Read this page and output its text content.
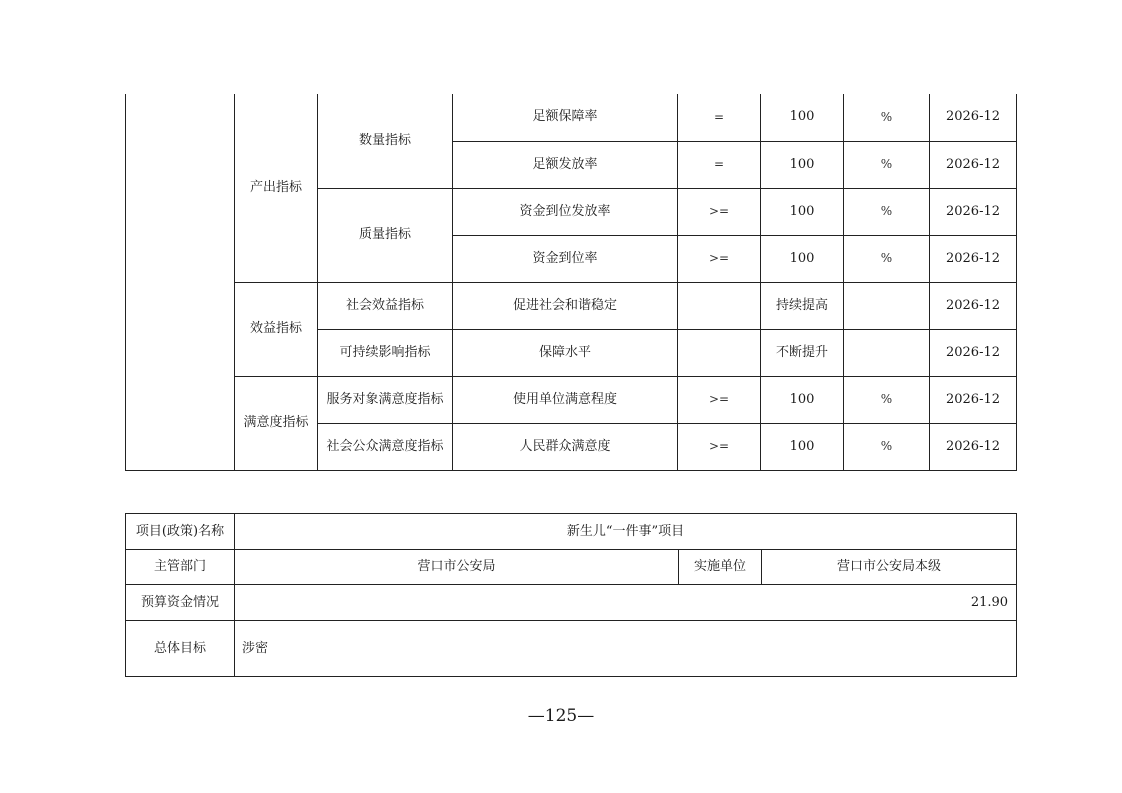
	产出指标	数量指标	足额保障率	=	100	%	2026-12
			足额发放率	=	100	%	2026-12
		质量指标	资金到位发放率	>=	100	%	2026-12
			资金到位率	>=	100	%	2026-12
	效益指标	社会效益指标	促进社会和谐稳定		持续提高		2026-12
		可持续影响指标	保障水平		不断提升		2026-12
	满意度指标	服务对象满意度指标	使用单位满意程度	>=	100	%	2026-12
		社会公众满意度指标	人民群众满意度	>=	100	%	2026-12
项目(政策)名称	新生儿“一件事”项目		
主管部门	营口市公安局	实施单位	营口市公安局本级
预算资金情况	21.90		
总体目标	涉密		
—125—
